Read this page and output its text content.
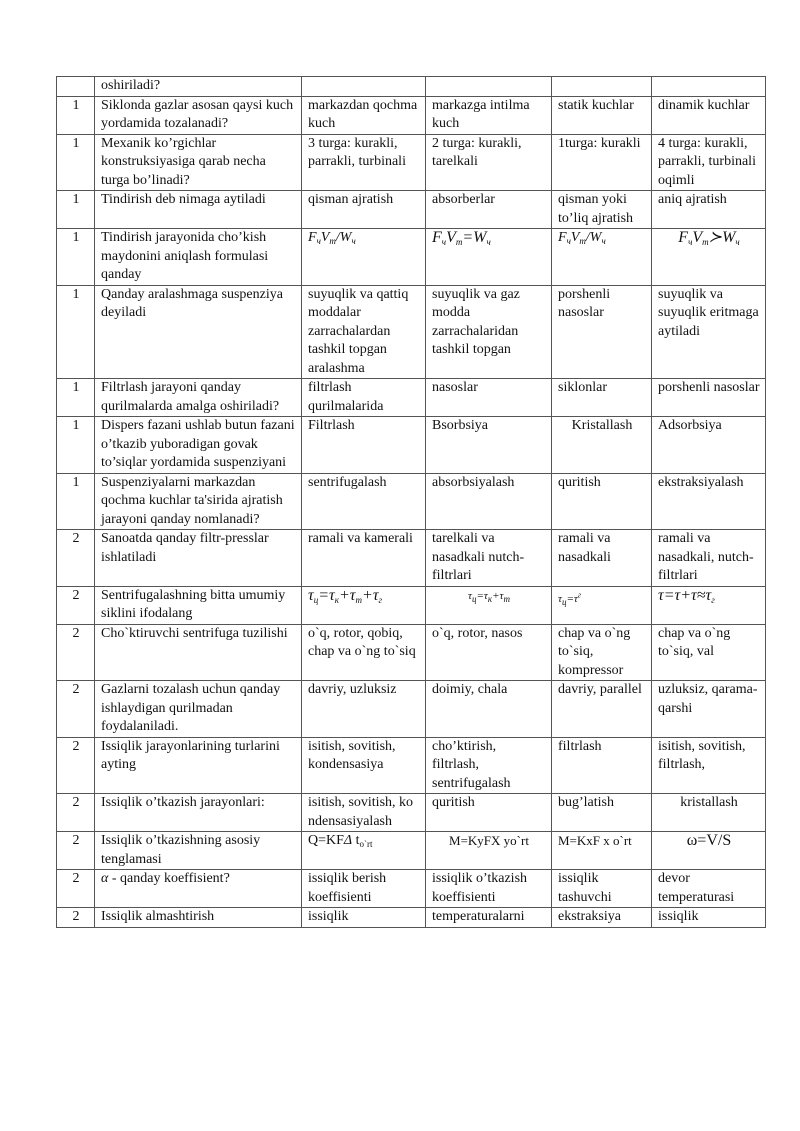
	oshiriladi?				
1	Siklonda gazlar asosan qaysi kuch yordamida tozalanadi?	markazdan qochma kuch	markazga intilma kuch	statik kuchlar	dinamik kuchlar
1	Mexanik ko’rgichlar konstruksiyasiga qarab necha turga bo’linadi?	3 turga: kurakli, parrakli, turbinali	2 turga: kurakli, tarelkali	1turga: kurakli	4 turga: kurakli, parrakli, turbinali oqimli
1	Tindirish deb nimaga aytiladi	qisman ajratish	absorberlar	qisman yoki to’liq ajratish	aniq ajratish
1	Tindirish jarayonida cho’kish maydonini aniqlash formulasi qanday	$F_чV_т/W_ч$	$F_чV_т=W_ч$	$F_чV_т/W_ч$	$F_чV_т≻W_ч$
1	Qanday aralashmaga suspenziya deyiladi	suyuqlik va qattiq moddalar zarrachalardan tashkil topgan aralashma	suyuqlik va gaz modda zarrachalaridan tashkil topgan	porshenli nasoslar	suyuqlik va suyuqlik eritmaga aytiladi
1	Filtrlash jarayoni qanday qurilmalarda amalga oshiriladi?	filtrlash qurilmalarida	nasoslar	siklonlar	porshenli nasoslar
1	Dispers fazani ushlab butun fazani o’tkazib yuboradigan govak to’siqlar yordamida suspenziyani	Filtrlash	Bsorbsiya	Kristallash	Adsorbsiya
1	Suspenziyalarni markazdan qochma kuchlar ta'sirida ajratish jarayoni qanday nomlanadi?	sentrifugalash	absorbsiyalash	quritish	ekstraksiyalash
2	Sanoatda qanday filtr-presslar ishlatiladi	ramali va kamerali	tarelkali va nasadkali nutch-filtrlari	ramali va nasadkali	ramali va nasadkali, nutch-filtrlari
2	Sentrifugalashning bitta umumiy siklini ifodalang	$\tau_ц=\tau_к+\tau_т+\tau_г$	$\tau_ц=\tau_к+\tau_т$	$\tau_ц=\tau^г$	$\tau=\tau+\tau\approx\tau_г$
2	Cho`ktiruvchi sentrifuga tuzilishi	o`q, rotor, qobiq, chap va o`ng to`siq	o`q, rotor, nasos	chap va o`ng to`siq, kompressor	chap va o`ng to`siq, val
2	Gazlarni tozalash uchun qanday ishlaydigan qurilmadan foydalaniladi.	davriy, uzluksiz	doimiy, chala	davriy, parallel	uzluksiz, qarama-qarshi
2	Issiqlik jarayonlarining turlarini ayting	isitish, sovitish, kondensasiya	cho’ktirish, filtrlash, sentrifugalash	filtrlash	isitish, sovitish, filtrlash,
2	Issiqlik o’tkazish jarayonlari:	isitish, sovitish, kondensasiyalash	quritish	bug’latish	kristallash
2	Issiqlik o’tkazishning asosiy tenglamasi	Q=KFΔ $t_{o`rt}$	M=KyFX yo`rt	M=KxF x o`rt	ω=V/S
2	α - qanday koeffisient?	issiqlik berish koeffisienti	issiqlik o’tkazish koeffisienti	issiqlik tashuvchi	devor temperaturasi
2	Issiqlik almashtirish	issiqlik	temperaturalarni	ekstraksiya	issiqlik
